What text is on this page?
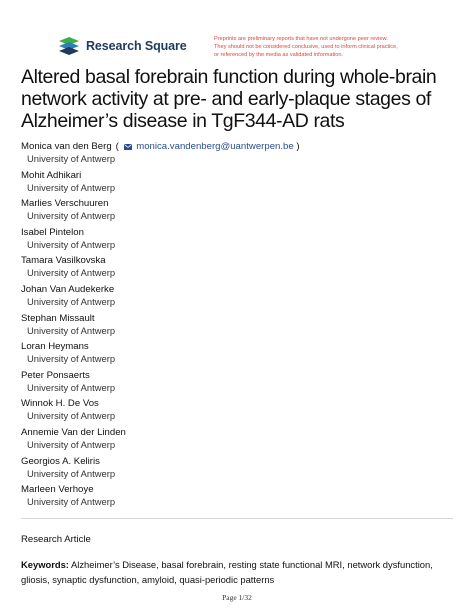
Research Square	Preprints are preliminary reports that have not undergone peer review.
They should not be considered conclusive, used to inform clinical practice,
or referenced by the media as validated information.
Altered basal forebrain function during whole-brain network activity at pre- and early-plaque stages of Alzheimer’s disease in TgF344-AD rats
Monica van den Berg ( monica.vandenberg@uantwerpen.be )
University of Antwerp
Mohit Adhikari
University of Antwerp
Marlies Verschuuren
University of Antwerp
Isabel Pintelon
University of Antwerp
Tamara Vasilkovska
University of Antwerp
Johan Van Audekerke
University of Antwerp
Stephan Missault
University of Antwerp
Loran Heymans
University of Antwerp
Peter Ponsaerts
University of Antwerp
Winnok H. De Vos
University of Antwerp
Annemie Van der Linden
University of Antwerp
Georgios A. Keliris
University of Antwerp
Marleen Verhoye
University of Antwerp
Research Article
Keywords: Alzheimer’s Disease, basal forebrain, resting state functional MRI, network dysfunction, gliosis, synaptic dysfunction, amyloid, quasi-periodic patterns
Page 1/32
